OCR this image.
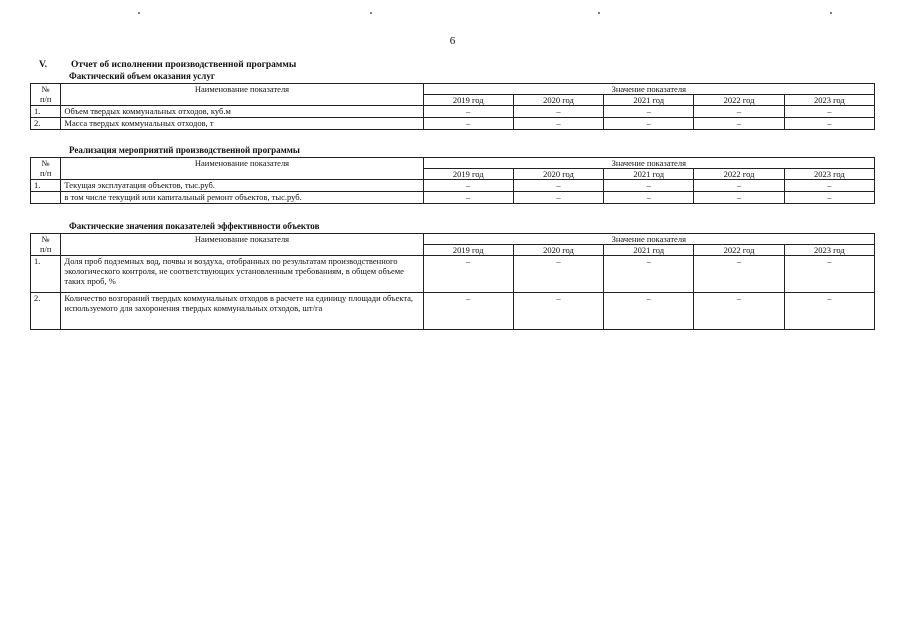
6
V.	Отчет об исполнении производственной программы
Фактический объем оказания услуг
№
п/п	Наименование показателя	Значение показателя				
		2019 год	2020 год	2021 год	2022 год	2023 год
1.	Объем твердых коммунальных отходов, куб.м	–	–	–	–	–
2.	Масса твердых коммунальных отходов, т	–	–	–	–	–
Реализация мероприятий производственной программы
№
п/п	Наименование показателя	Значение показателя				
		2019 год	2020 год	2021 год	2022 год	2023 год
1.	Текущая эксплуатация объектов, тыс.руб.	–	–	–	–	–
	в том числе текущий или капитальный ремонт объектов, тыс.руб.	–	–	–	–	–
Фактические значения показателей эффективности объектов
№
п/п	Наименование показателя	Значение показателя				
		2019 год	2020 год	2021 год	2022 год	2023 год
1.	Доля проб подземных вод, почвы и воздуха, отобранных по результатам производственного экологического контроля, не соответствующих установленным требованиям, в общем объеме таких проб, %	–	–	–	–	–
2.	Количество возгораний твердых коммунальных отходов в расчете на единицу площади объекта, используемого для захоронения твердых коммунальных отходов, шт/га	–	–	–	–	–
